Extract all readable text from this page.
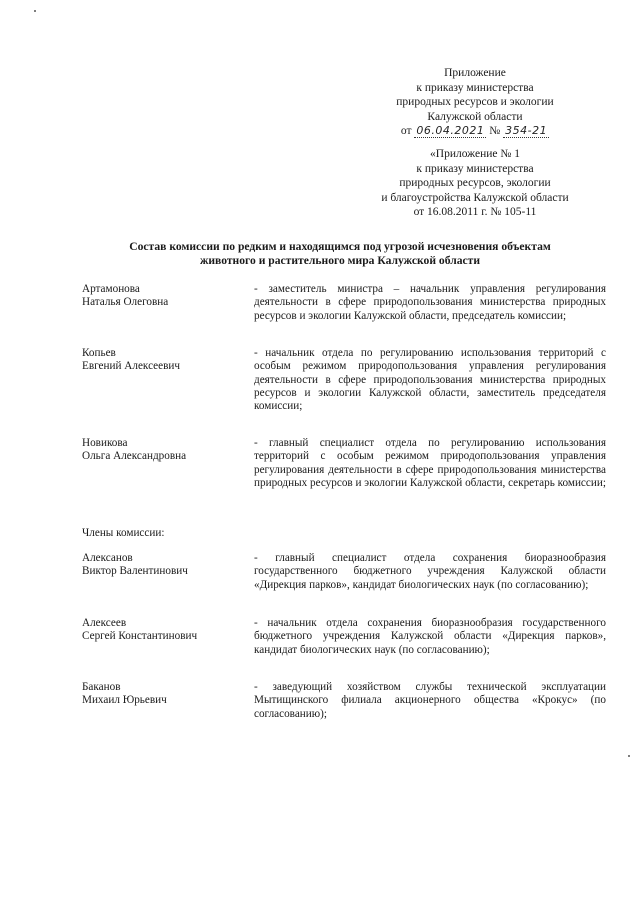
Приложение
к приказу министерства
природных ресурсов и экологии
Калужской области
от 06.04.2021 № 354-21
«Приложение № 1
к приказу министерства
природных ресурсов, экологии
и благоустройства Калужской области
от 16.08.2011 г. № 105-11
Состав комиссии по редким и находящимся под угрозой исчезновения объектам
животного и растительного мира Калужской области
Артамонова
Наталья Олеговна
- заместитель министра – начальник управления регулирования деятельности в сфере природопользования министерства природных ресурсов и экологии Калужской области, председатель комиссии;
Копьев
Евгений Алексеевич
- начальник отдела по регулированию использования территорий с особым режимом природопользования управления регулирования деятельности в сфере природопользования министерства природных ресурсов и экологии Калужской области, заместитель председателя комиссии;
Новикова
Ольга Александровна
- главный специалист отдела по регулированию использования территорий с особым режимом природопользования управления регулирования деятельности в сфере природопользования министерства природных ресурсов и экологии Калужской области, секретарь комиссии;
Члены комиссии:
Алексанов
Виктор Валентинович
- главный специалист отдела сохранения биоразнообразия государственного бюджетного учреждения Калужской области «Дирекция парков», кандидат биологических наук (по согласованию);
Алексеев
Сергей Константинович
- начальник отдела сохранения биоразнообразия государственного бюджетного учреждения Калужской области «Дирекция парков», кандидат биологических наук (по согласованию);
Баканов
Михаил Юрьевич
- заведующий хозяйством службы технической эксплуатации Мытищинского филиала акционерного общества «Крокус» (по согласованию);
